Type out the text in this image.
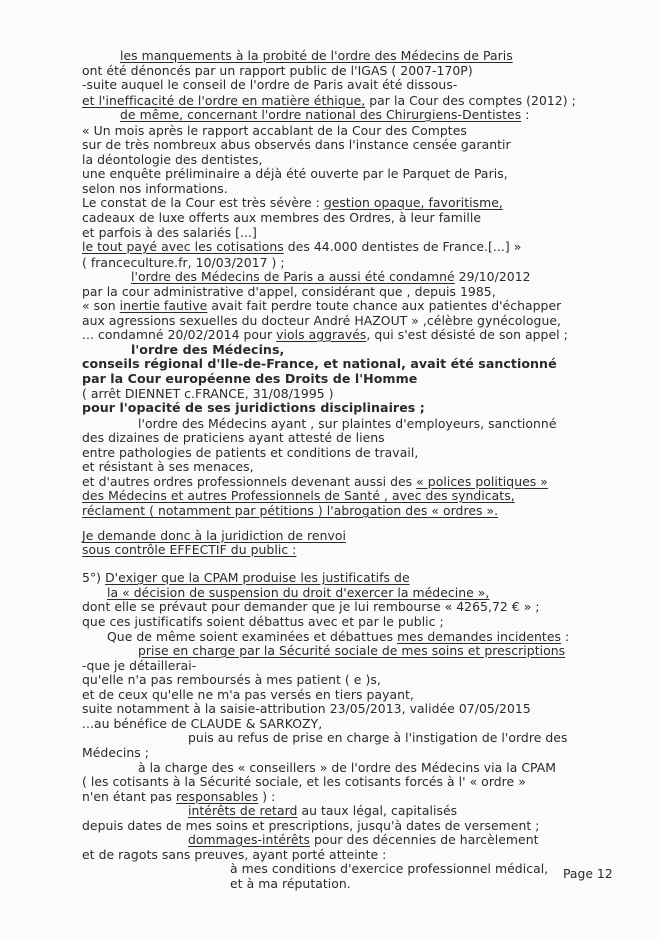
les manquements à la probité de l'ordre des Médecins de Paris
ont été dénoncés par un rapport public de l'IGAS ( 2007-170P)
-suite auquel le conseil de l'ordre de Paris avait été dissous-
et l'inefficacité de l'ordre en matière éthique, par la Cour des comptes (2012) ;
de même, concernant l'ordre national des Chirurgiens-Dentistes :
« Un mois après le rapport accablant de la Cour des Comptes
sur de très nombreux abus observés dans l'instance censée garantir
la déontologie des dentistes,
une enquête préliminaire a déjà été ouverte par le Parquet de Paris,
selon nos informations.
Le constat de la Cour est très sévère : gestion opaque, favoritisme,
cadeaux de luxe offerts aux membres des Ordres, à leur famille
et parfois à des salariés [...]
le tout payé avec les cotisations des 44.000 dentistes de France.[...] »
( franceculture.fr, 10/03/2017 ) ;
l'ordre des Médecins de Paris a aussi été condamné 29/10/2012
par la cour administrative d'appel, considérant que , depuis 1985,
« son inertie fautive avait fait perdre toute chance aux patientes d'échapper
aux agressions sexuelles du docteur André HAZOUT » ,célèbre gynécologue,
... condamné 20/02/2014 pour viols aggravés, qui s'est désisté de son appel ;
l'ordre des Médecins,
conseils régional d'Ile-de-France, et national, avait été sanctionné
par la Cour européenne des Droits de l'Homme
( arrêt DIENNET c.FRANCE, 31/08/1995 )
pour l'opacité de ses juridictions disciplinaires ;
l'ordre des Médecins ayant , sur plaintes d'employeurs, sanctionné
des dizaines de praticiens ayant attesté de liens
entre pathologies de patients et conditions de travail,
et résistant à ses menaces,
et d'autres ordres professionnels devenant aussi des « polices politiques »
des Médecins et autres Professionnels de Santé , avec des syndicats,
réclament ( notamment par pétitions ) l'abrogation des « ordres ».
Je demande donc à la juridiction de renvoi
sous contrôle EFFECTIF du public :
5°) D'exiger que la CPAM produise les justificatifs de
la « décision de suspension du droit d'exercer la médecine »,
dont elle se prévaut pour demander que je lui rembourse « 4265,72 € » ;
que ces justificatifs soient débattus avec et par le public ;
Que de même soient examinées et débattues mes demandes incidentes :
prise en charge par la Sécurité sociale de mes soins et prescriptions
-que je détaillerai-
qu'elle n'a pas remboursés à mes patient ( e )s,
et de ceux qu'elle ne m'a pas versés en tiers payant,
suite notamment à la saisie-attribution 23/05/2013, validée 07/05/2015
...au bénéfice de CLAUDE & SARKOZY,
puis au refus de prise en charge à l'instigation de l'ordre des
Médecins ;
à la charge des « conseillers » de l'ordre des Médecins via la CPAM
( les cotisants à la Sécurité sociale, et les cotisants forcés à l' « ordre »
n'en étant pas responsables ) :
intérêts de retard au taux légal, capitalisés
depuis dates de mes soins et prescriptions, jusqu'à dates de versement ;
dommages-intérêts pour des décennies de harcèlement
et de ragots sans preuves, ayant porté atteinte :
à mes conditions d'exercice professionnel médical,
et à ma réputation.
Page 12
